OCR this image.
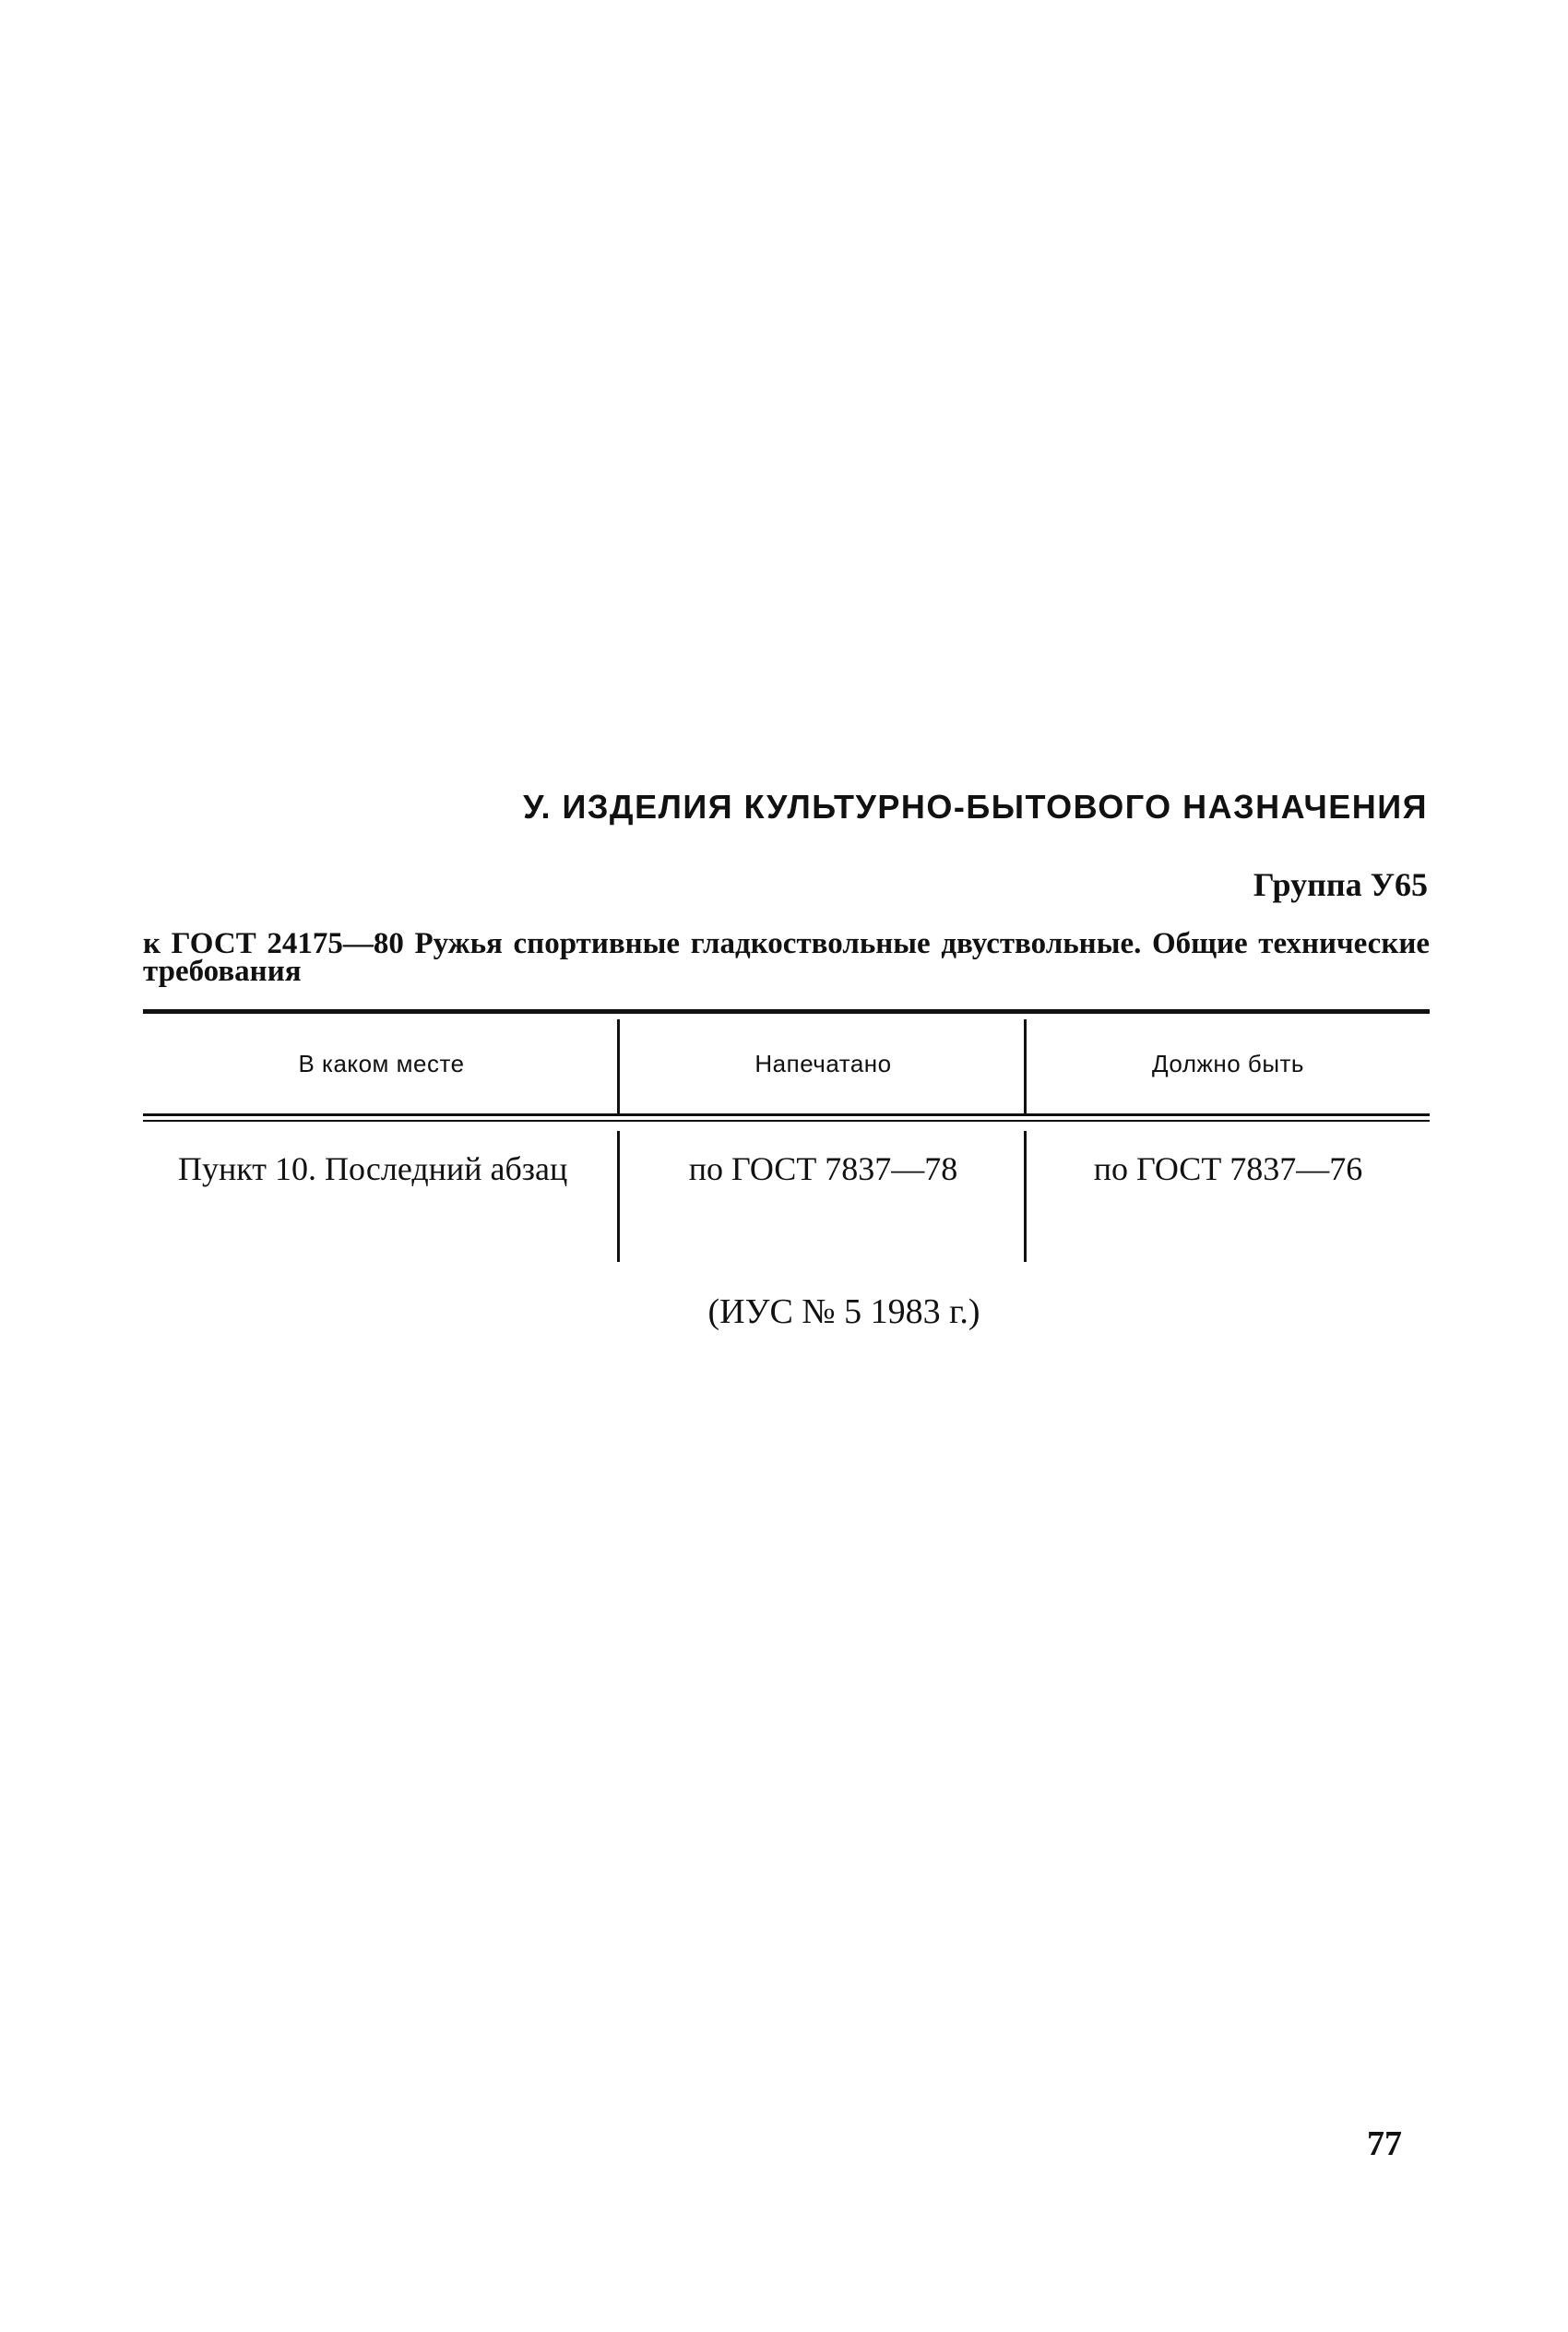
У. ИЗДЕЛИЯ КУЛЬТУРНО-БЫТОВОГО НАЗНАЧЕНИЯ
Группа У65
к ГОСТ 24175—80 Ружья спортивные гладкоствольные двуствольные. Общие технические требования
В каком месте	Напечатано	Должно быть
Пункт 10. Последний абзац	по ГОСТ 7837—78	по ГОСТ 7837—76
(ИУС № 5 1983 г.)
77
